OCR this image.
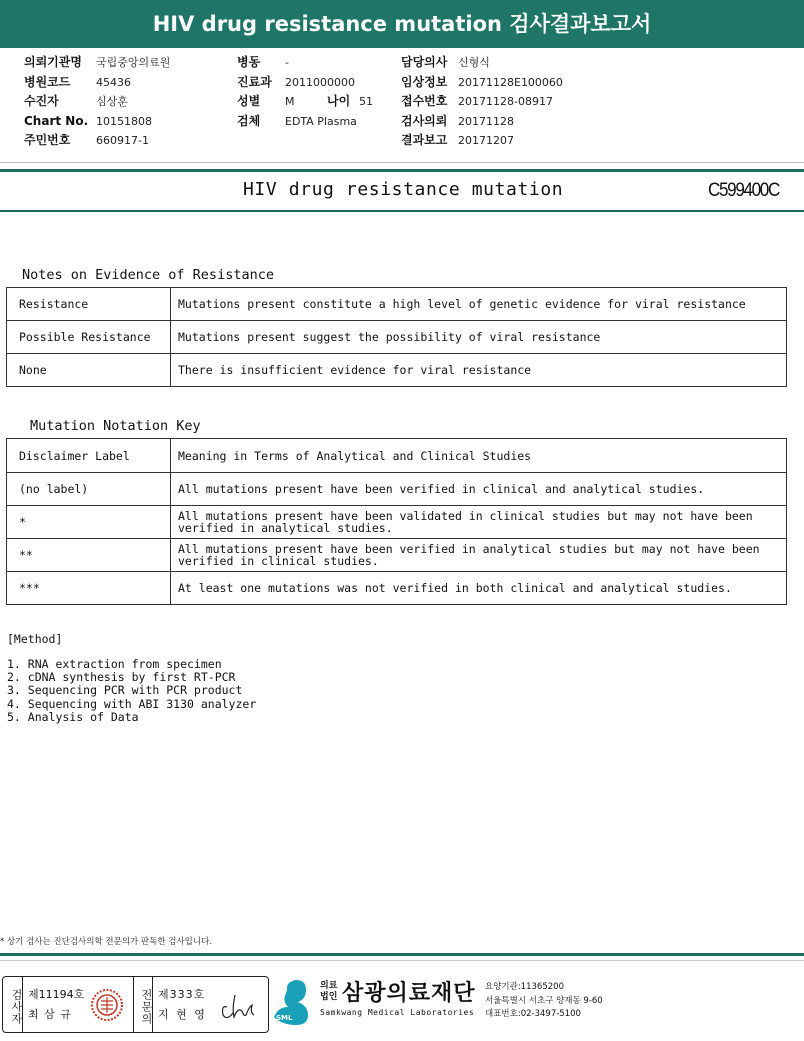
HIV drug resistance mutation 검사결과보고서
의뢰기관명	국립중앙의료원
병원코드	45436
수진자	심상훈
Chart No. 10151808
주민번호	660917-1
병동	-
진료과	2011000000
성별	M	나이 51
검체	EDTA Plasma
담당의사 신형식
임상정보 20171128E100060
접수번호 20171128-08917
검사의뢰 20171128
결과보고 20171207
HIV drug resistance mutation	C599400C
Notes on Evidence of Resistance
Resistance	Mutations present constitute a high level of genetic evidence for viral resistance
Possible Resistance	Mutations present suggest the possibility of viral resistance
None	There is insufficient evidence for viral resistance
Mutation Notation Key
Disclaimer Label	Meaning in Terms of Analytical and Clinical Studies
(no label)	All mutations present have been verified in clinical and analytical studies.
*	All mutations present have been validated in clinical studies but may not have been verified in analytical studies.
**	All mutations present have been verified in analytical studies but may not have been verified in clinical studies.
***	At least one mutations was not verified in both clinical and analytical studies.
[Method]
1. RNA extraction from specimen
2. cDNA synthesis by first RT-PCR
3. Sequencing PCR with PCR product
4. Sequencing with ABI 3130 analyzer
5. Analysis of Data
* 상기 검사는 진단검사의학 전문의가 판독한 검사입니다.
검사자 제11194호
최 삼 규	전문의 제333호
지 현 영	SML
의료
법인 삼광의료재단
Samkwang Medical Laboratories
요양기관:11365200
서울특별시 서초구 양재동 9-60
대표번호:02-3497-5100
